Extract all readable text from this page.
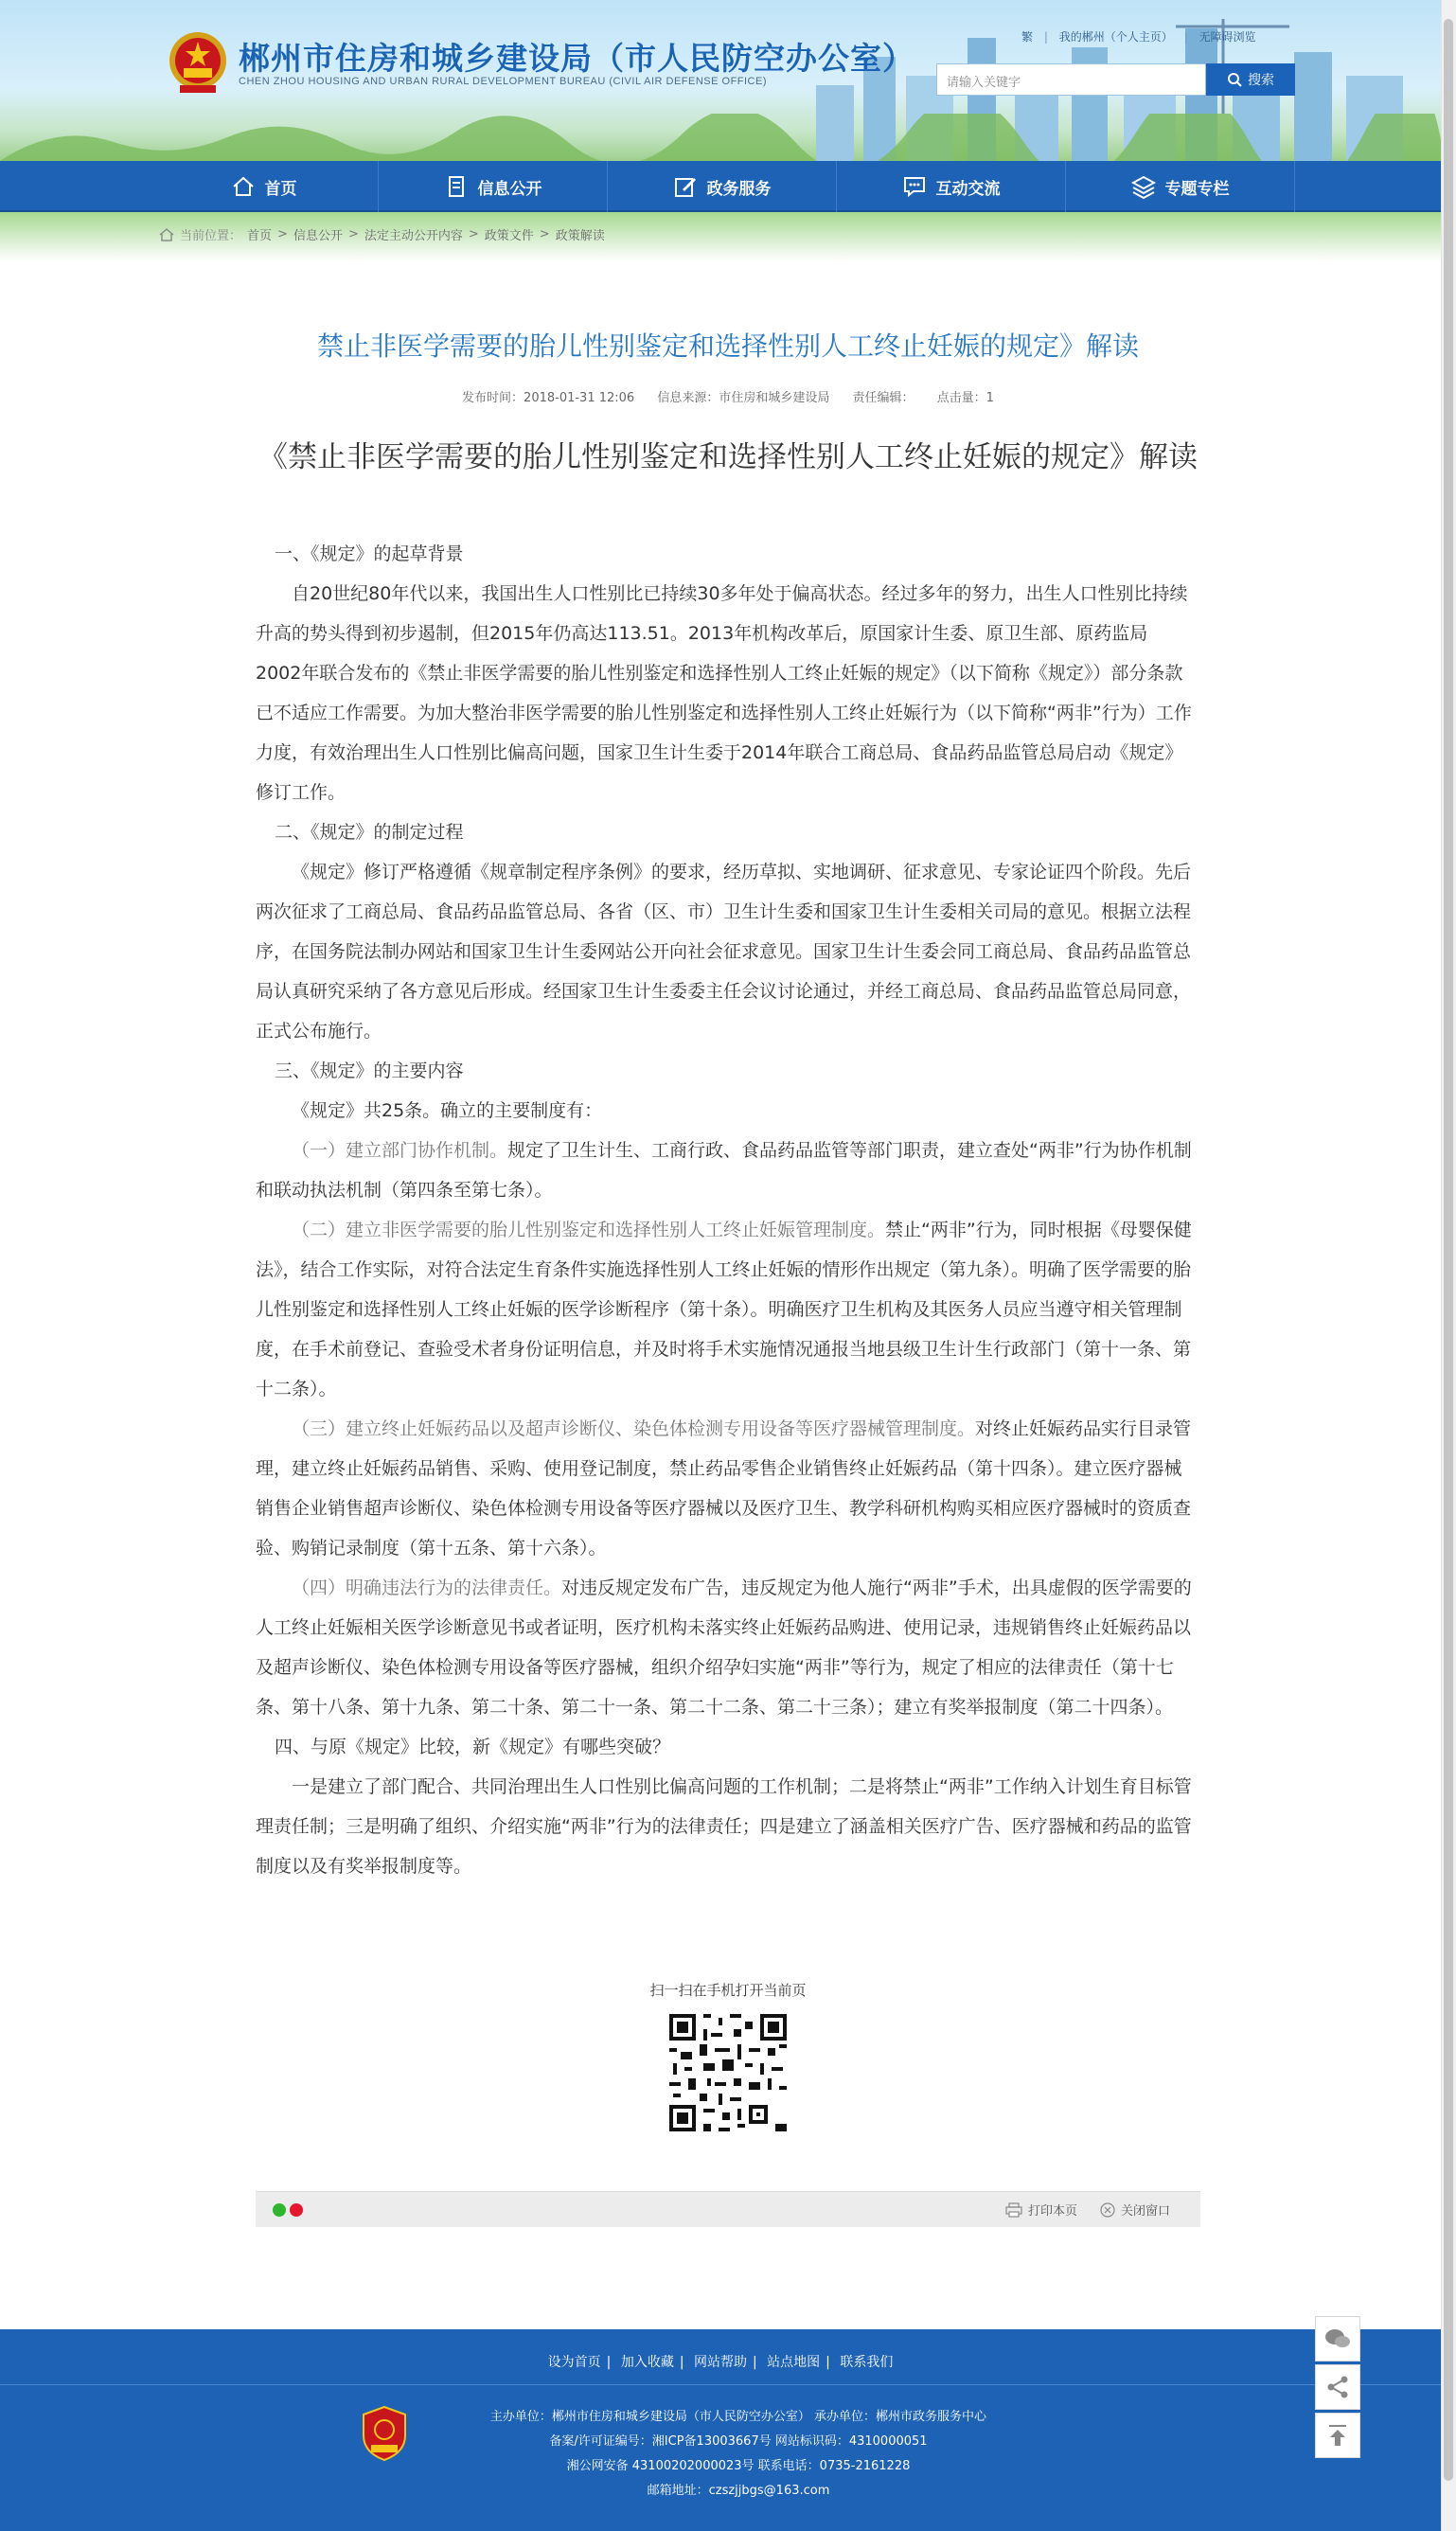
郴州市住房和城乡建设局（市人民防空办公室）
CHEN ZHOU HOUSING AND URBAN RURAL DEVELOPMENT BUREAU (CIVIL AIR DEFENSE OFFICE)
繁 | 我的郴州（个人主页） | 无障碍浏览
请输入关键字	搜索
首页	信息公开	政务服务	互动交流	专题专栏
当前位置： 首页 > 信息公开 > 法定主动公开内容 > 政策文件 > 政策解读
禁止非医学需要的胎儿性别鉴定和选择性别人工终止妊娠的规定》解读
发布时间：2018-01-31 12:06 信息来源：市住房和城乡建设局 责任编辑： 点击量：1
《禁止非医学需要的胎儿性别鉴定和选择性别人工终止妊娠的规定》解读

一、《规定》的起草背景

自20世纪80年代以来，我国出生人口性别比已持续30多年处于偏高状态。经过多年的努力，出生人口性别比持续升高的势头得到初步遏制，但2015年仍高达113.51。2013年机构改革后，原国家计生委、原卫生部、原药监局2002年联合发布的《禁止非医学需要的胎儿性别鉴定和选择性别人工终止妊娠的规定》（以下简称《规定》）部分条款已不适应工作需要。为加大整治非医学需要的胎儿性别鉴定和选择性别人工终止妊娠行为（以下简称“两非”行为）工作力度，有效治理出生人口性别比偏高问题，国家卫生计生委于2014年联合工商总局、食品药品监管总局启动《规定》修订工作。

二、《规定》的制定过程

《规定》修订严格遵循《规章制定程序条例》的要求，经历草拟、实地调研、征求意见、专家论证四个阶段。先后两次征求了工商总局、食品药品监管总局、各省（区、市）卫生计生委和国家卫生计生委相关司局的意见。根据立法程序，在国务院法制办网站和国家卫生计生委网站公开向社会征求意见。国家卫生计生委会同工商总局、食品药品监管总局认真研究采纳了各方意见后形成。经国家卫生计生委委主任会议讨论通过，并经工商总局、食品药品监管总局同意，正式公布施行。

三、《规定》的主要内容

《规定》共25条。确立的主要制度有：

（一）建立部门协作机制。规定了卫生计生、工商行政、食品药品监管等部门职责，建立查处“两非”行为协作机制和联动执法机制（第四条至第七条）。

（二）建立非医学需要的胎儿性别鉴定和选择性别人工终止妊娠管理制度。禁止“两非”行为，同时根据《母婴保健法》，结合工作实际，对符合法定生育条件实施选择性别人工终止妊娠的情形作出规定（第九条）。明确了医学需要的胎儿性别鉴定和选择性别人工终止妊娠的医学诊断程序（第十条）。明确医疗卫生机构及其医务人员应当遵守相关管理制度，在手术前登记、查验受术者身份证明信息，并及时将手术实施情况通报当地县级卫生计生行政部门（第十一条、第十二条）。

（三）建立终止妊娠药品以及超声诊断仪、染色体检测专用设备等医疗器械管理制度。对终止妊娠药品实行目录管理，建立终止妊娠药品销售、采购、使用登记制度，禁止药品零售企业销售终止妊娠药品（第十四条）。建立医疗器械销售企业销售超声诊断仪、染色体检测专用设备等医疗器械以及医疗卫生、教学科研机构购买相应医疗器械时的资质查验、购销记录制度（第十五条、第十六条）。

（四）明确违法行为的法律责任。对违反规定发布广告，违反规定为他人施行“两非”手术，出具虚假的医学需要的人工终止妊娠相关医学诊断意见书或者证明，医疗机构未落实终止妊娠药品购进、使用记录，违规销售终止妊娠药品以及超声诊断仪、染色体检测专用设备等医疗器械，组织介绍孕妇实施“两非”等行为，规定了相应的法律责任（第十七条、第十八条、第十九条、第二十条、第二十一条、第二十二条、第二十三条）；建立有奖举报制度（第二十四条）。

四、与原《规定》比较，新《规定》有哪些突破？

一是建立了部门配合、共同治理出生人口性别比偏高问题的工作机制；二是将禁止“两非”工作纳入计划生育目标管理责任制；三是明确了组织、介绍实施“两非”行为的法律责任；四是建立了涵盖相关医疗广告、医疗器械和药品的监管制度以及有奖举报制度等。

扫一扫在手机打开当前页
打印本页	关闭窗口
设为首页 | 加入收藏 | 网站帮助 | 站点地图 | 联系我们
主办单位：郴州市住房和城乡建设局（市人民防空办公室） 承办单位：郴州市政务服务中心
备案/许可证编号：湘ICP备13003667号 网站标识码：4310000051
湘公网安备 43100202000023号 联系电话：0735-2161228
邮箱地址：czszjjbgs@163.com
